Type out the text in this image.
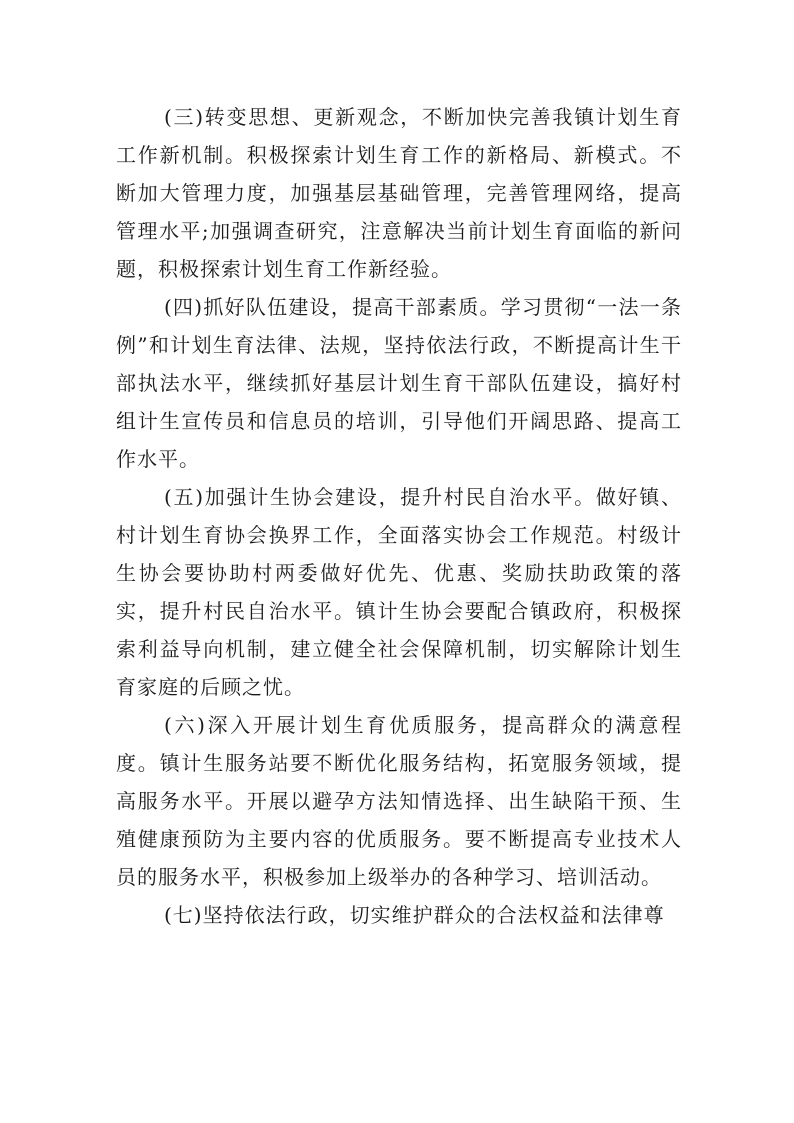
(三)转变思想、更新观念，不断加快完善我镇计划生育工作新机制。积极探索计划生育工作的新格局、新模式。不断加大管理力度，加强基层基础管理，完善管理网络，提高管理水平;加强调查研究，注意解决当前计划生育面临的新问题，积极探索计划生育工作新经验。

(四)抓好队伍建设，提高干部素质。学习贯彻“一法一条例”和计划生育法律、法规，坚持依法行政，不断提高计生干部执法水平，继续抓好基层计划生育干部队伍建设，搞好村组计生宣传员和信息员的培训，引导他们开阔思路、提高工作水平。

(五)加强计生协会建设，提升村民自治水平。做好镇、村计划生育协会换界工作，全面落实协会工作规范。村级计生协会要协助村两委做好优先、优惠、奖励扶助政策的落实，提升村民自治水平。镇计生协会要配合镇政府，积极探索利益导向机制，建立健全社会保障机制，切实解除计划生育家庭的后顾之忧。

(六)深入开展计划生育优质服务，提高群众的满意程度。镇计生服务站要不断优化服务结构，拓宽服务领域，提高服务水平。开展以避孕方法知情选择、出生缺陷干预、生殖健康预防为主要内容的优质服务。要不断提高专业技术人员的服务水平，积极参加上级举办的各种学习、培训活动。

(七)坚持依法行政，切实维护群众的合法权益和法律尊
